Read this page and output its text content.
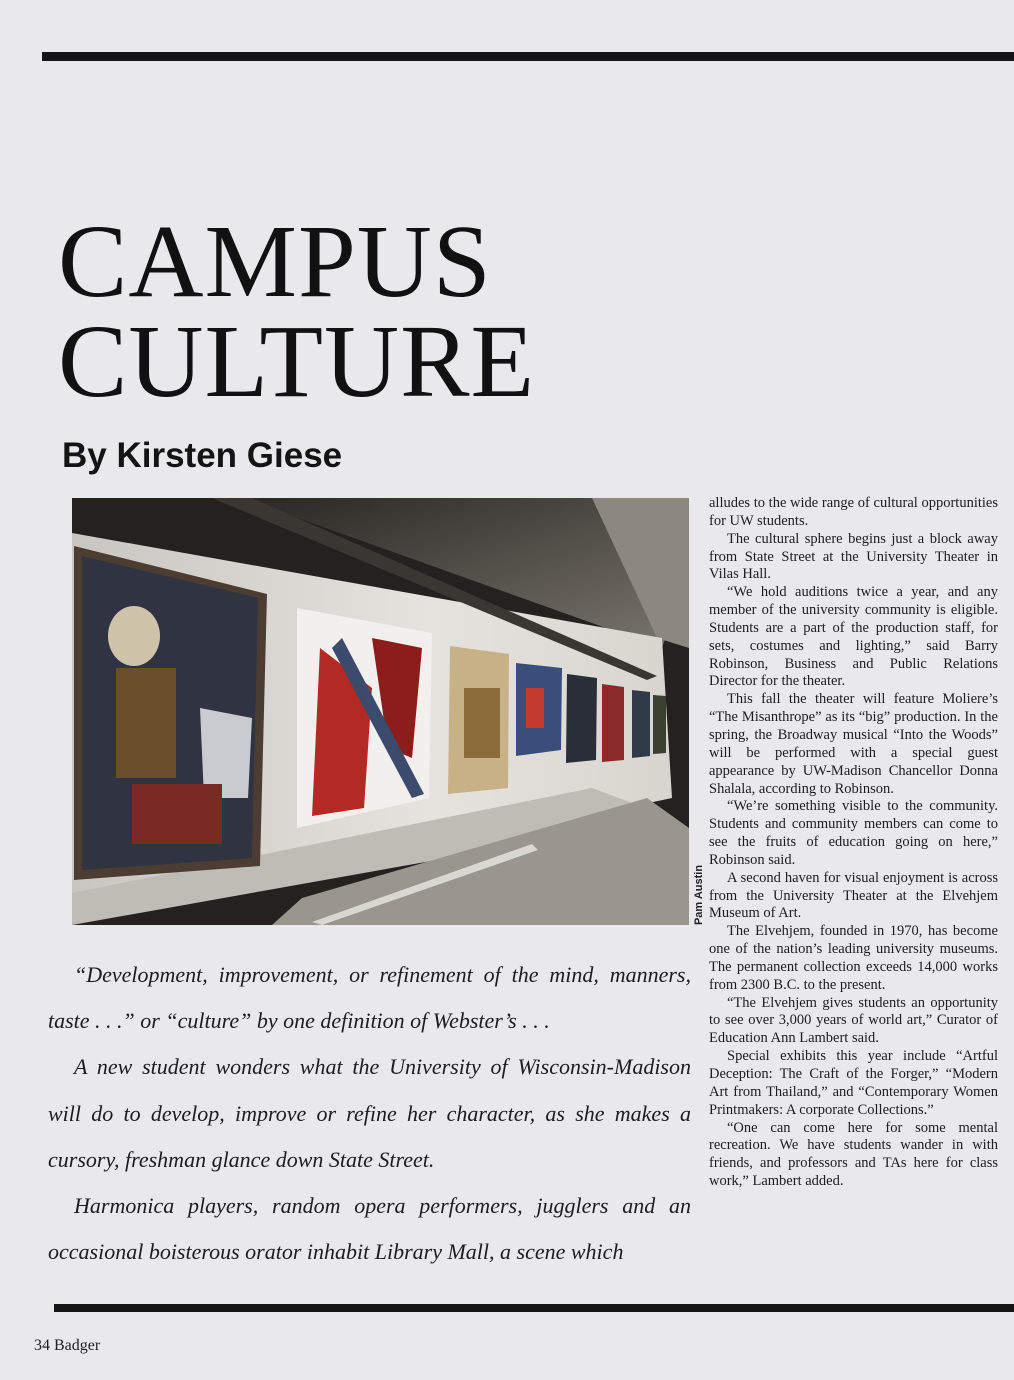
CAMPUS
CULTURE
By Kirsten Giese
Pam Austin

“Development, improvement, or refinement of the mind, manners, taste . . .” or “culture” by one definition of Webster’s . . .

A new student wonders what the University of Wisconsin-Madison will do to develop, improve or refine her character, as she makes a cursory, freshman glance down State Street.

Harmonica players, random opera performers, jugglers and an occasional boisterous orator inhabit Library Mall, a scene which

alludes to the wide range of cultural opportunities for UW students.

The cultural sphere begins just a block away from State Street at the University Theater in Vilas Hall.

“We hold auditions twice a year, and any member of the university community is eligible. Students are a part of the production staff, for sets, costumes and lighting,” said Barry Robinson, Business and Public Relations Director for the theater.

This fall the theater will feature Moliere’s “The Misanthrope” as its “big” production. In the spring, the Broadway musical “Into the Woods” will be performed with a special guest appearance by UW-Madison Chancellor Donna Shalala, according to Robinson.

“We’re something visible to the community. Students and community members can come to see the fruits of education going on here,” Robinson said.

A second haven for visual enjoyment is across from the University Theater at the Elvehjem Museum of Art.

The Elvehjem, founded in 1970, has become one of the nation’s leading university museums. The permanent collection exceeds 14,000 works from 2300 B.C. to the present.

“The Elvehjem gives students an opportunity to see over 3,000 years of world art,” Curator of Education Ann Lambert said.

Special exhibits this year include “Artful Deception: The Craft of the Forger,” “Modern Art from Thailand,” and “Contemporary Women Printmakers: A corporate Collections.”

“One can come here for some mental recreation. We have students wander in with friends, and professors and TAs here for class work,” Lambert added.

34 Badger
